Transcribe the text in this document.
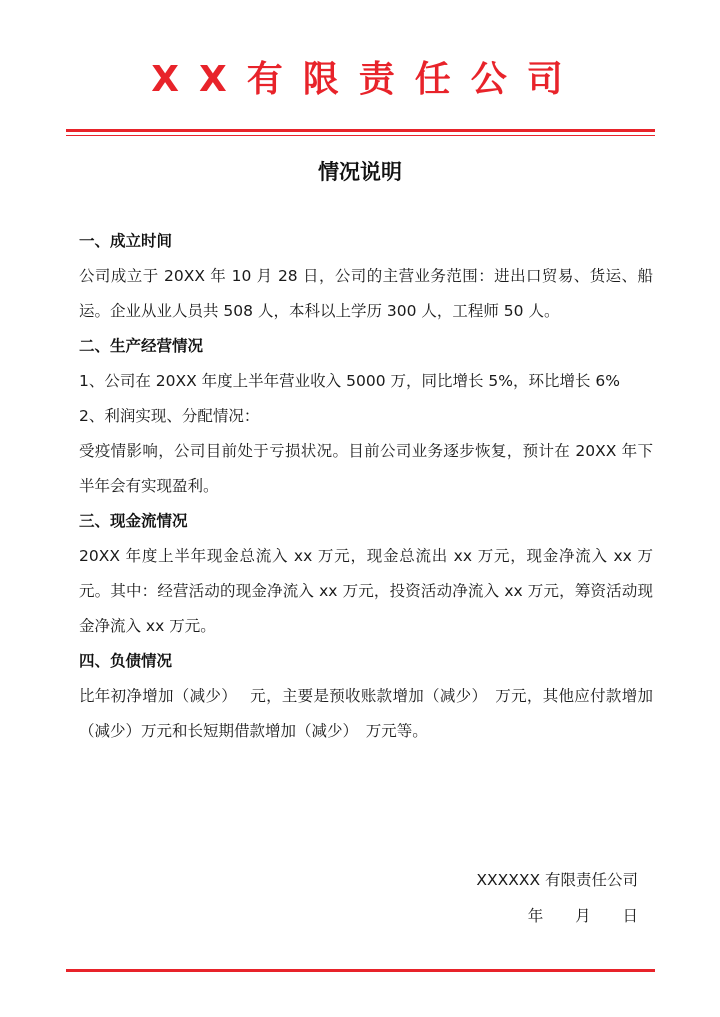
XX有限责任公司
情况说明

一、成立时间

公司成立于 20XX 年 10 月 28 日，公司的主营业务范围：进出口贸易、货运、船运。企业从业人员共 508 人，本科以上学历 300 人，工程师 50 人。

二、生产经营情况

1、公司在 20XX 年度上半年营业收入 5000 万，同比增长 5%，环比增长 6%

2、利润实现、分配情况：

受疫情影响，公司目前处于亏损状况。目前公司业务逐步恢复，预计在 20XX 年下半年会有实现盈利。

三、现金流情况

20XX 年度上半年现金总流入 xx 万元，现金总流出 xx 万元，现金净流入 xx 万元。其中：经营活动的现金净流入 xx 万元，投资活动净流入 xx 万元，筹资活动现金净流入 xx 万元。

四、负债情况

比年初净增加（减少）　 元，主要是预收账款增加（减少）　万元，其他应付款增加（减少）万元和长短期借款增加（减少）　万元等。

XXXXXX 有限责任公司
年 月 日
